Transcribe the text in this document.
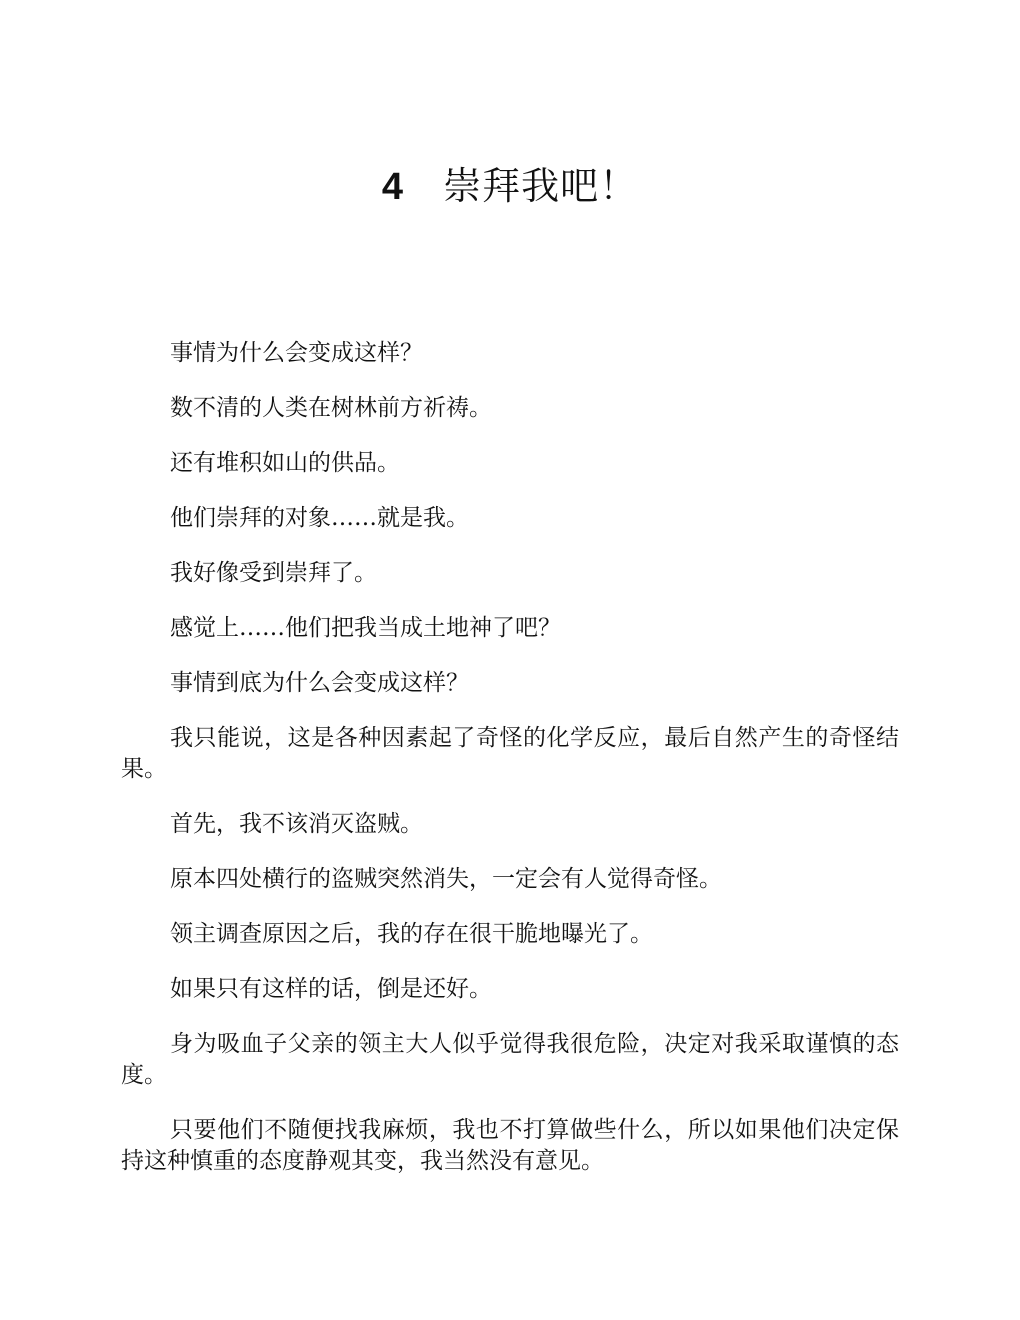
4 崇拜我吧！

事情为什么会变成这样？

数不清的人类在树林前方祈祷。

还有堆积如山的供品。

他们崇拜的对象……就是我。

我好像受到崇拜了。

感觉上……他们把我当成土地神了吧？

事情到底为什么会变成这样？

我只能说，这是各种因素起了奇怪的化学反应，最后自然产生的奇怪结果。

首先，我不该消灭盗贼。

原本四处横行的盗贼突然消失，一定会有人觉得奇怪。

领主调查原因之后，我的存在很干脆地曝光了。

如果只有这样的话，倒是还好。

身为吸血子父亲的领主大人似乎觉得我很危险，决定对我采取谨慎的态度。

只要他们不随便找我麻烦，我也不打算做些什么，所以如果他们决定保持这种慎重的态度静观其变，我当然没有意见。
